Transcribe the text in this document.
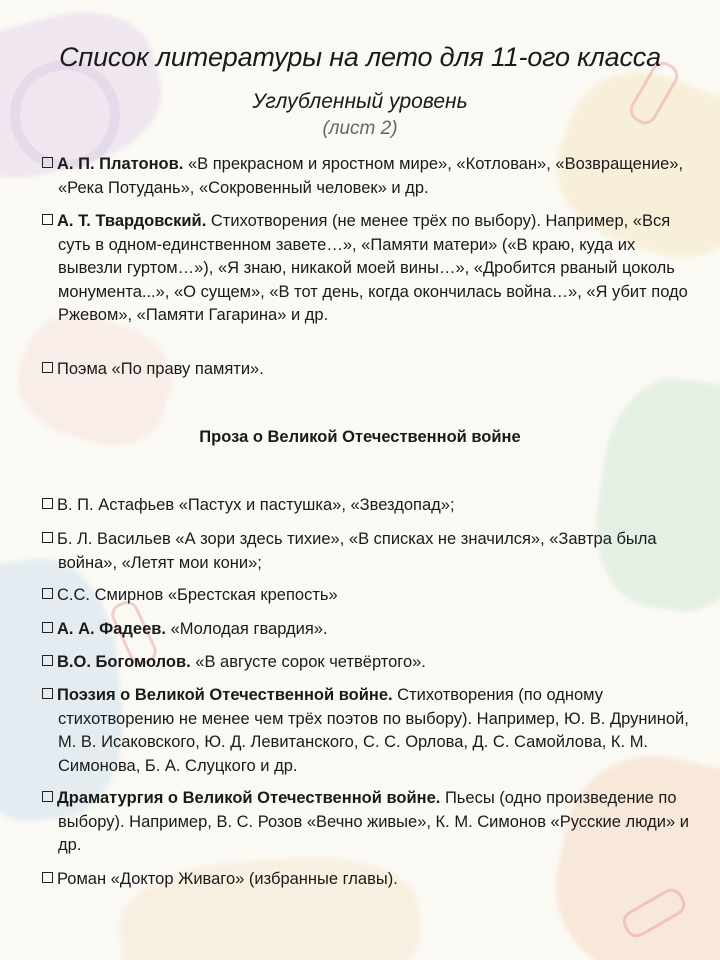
Список литературы на лето для 11-ого класса
Углубленный уровень
(лист 2)
А. П. Платонов. «В прекрасном и яростном мире», «Котлован», «Возвращение», «Река Потудань», «Сокровенный человек» и др.
А. Т. Твардовский. Стихотворения (не менее трёх по выбору). Например, «Вся суть в одном-единственном завете…», «Памяти матери» («В краю, куда их вывезли гуртом…»), «Я знаю, никакой моей вины…», «Дробится рваный цоколь монумента...», «О сущем», «В тот день, когда окончилась война…», «Я убит подо Ржевом», «Памяти Гагарина» и др.
Поэма «По праву памяти».
Проза о Великой Отечественной войне
В. П. Астафьев «Пастух и пастушка», «Звездопад»;
Б. Л. Васильев «А зори здесь тихие», «В списках не значился», «Завтра была война», «Летят мои кони»;
С.С. Смирнов «Брестская крепость»
А. А. Фадеев. «Молодая гвардия».
В.О. Богомолов. «В августе сорок четвёртого».
Поэзия о Великой Отечественной войне. Стихотворения (по одному стихотворению не менее чем трёх поэтов по выбору). Например, Ю. В. Друниной, М. В. Исаковского, Ю. Д. Левитанского, С. С. Орлова, Д. С. Самойлова, К. М. Симонова, Б. А. Слуцкого и др.
Драматургия о Великой Отечественной войне. Пьесы (одно произведение по выбору). Например, В. С. Розов «Вечно живые», К. М. Симонов «Русские люди» и др.
Роман «Доктор Живаго» (избранные главы).
